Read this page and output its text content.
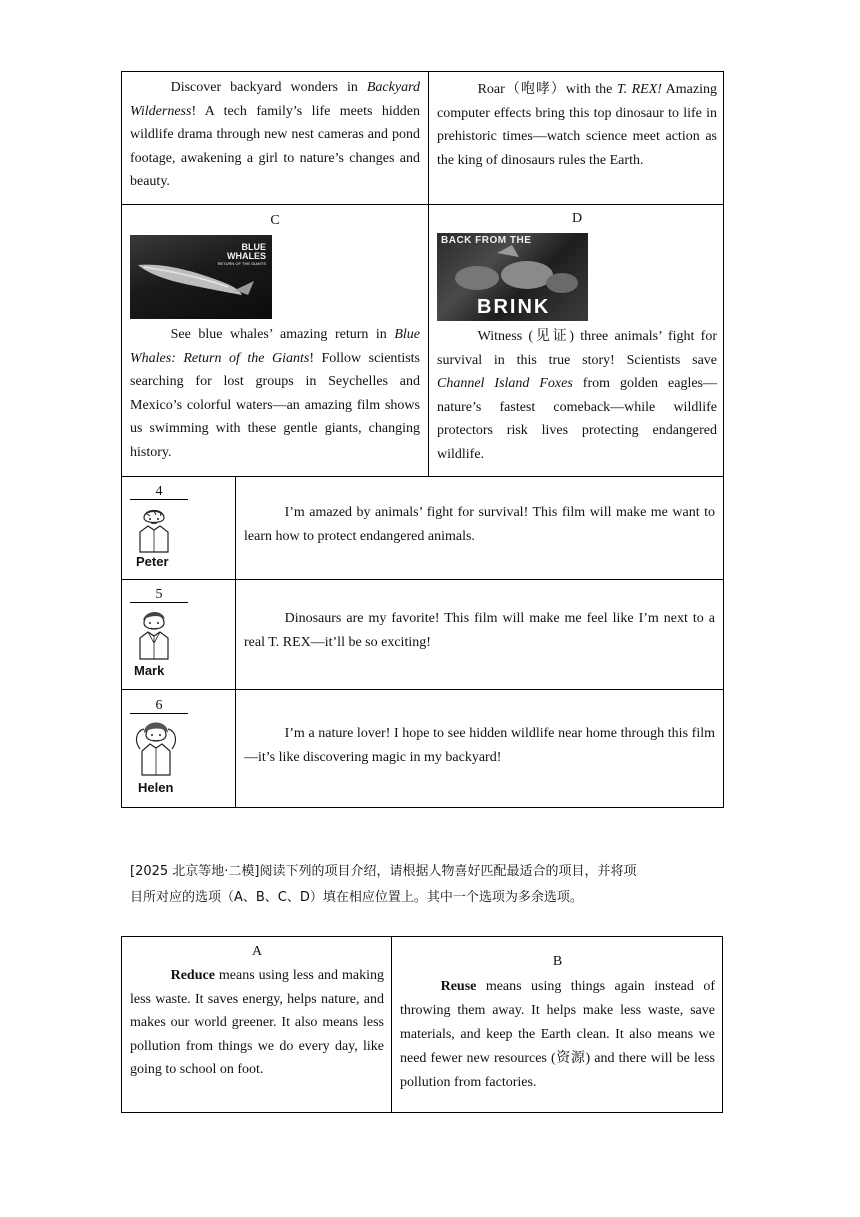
Discover backyard wonders in Backyard Wilderness! A tech family’s life meets hidden wildlife drama through new nest cameras and pond footage, awakening a girl to nature’s changes and beauty.

Roar（咆哮）with the T. REX! Amazing computer effects bring this top dinosaur to life in prehistoric times—watch science meet action as the king of dinosaurs rules the Earth.

C
BLUE
WHALES
RETURN OF THE GIANTS

See blue whales’ amazing return in Blue Whales: Return of the Giants! Follow scientists searching for lost groups in Seychelles and Mexico’s colorful waters—an amazing film shows us swimming with these gentle giants, changing history.

D
BACK FROM THE
BRINK

Witness (见证) three animals’ fight for survival in this true story! Scientists save Channel Island Foxes from golden eagles—nature’s fastest comeback—while wildlife protectors risk lives protecting endangered wildlife.

4
Peter

I’m amazed by animals’ fight for survival! This film will make me want to learn how to protect endangered animals.

5
Mark

Dinosaurs are my favorite! This film will make me feel like I’m next to a real T. REX—it’ll be so exciting!

6
Helen

I’m a nature lover! I hope to see hidden wildlife near home through this film—it’s like discovering magic in my backyard!

[2025 北京等地·二模]阅读下列的项目介绍，请根据人物喜好匹配最适合的项目，并将项
目所对应的选项（A、B、C、D）填在相应位置上。其中一个选项为多余选项。
A

Reduce means using less and making less waste. It saves energy, helps nature, and makes our world greener. It also means less pollution from things we do every day, like going to school on foot.

B

Reuse means using things again instead of throwing them away. It helps make less waste, save materials, and keep the Earth clean. It also means we need fewer new resources (资源) and there will be less pollution from factories.
